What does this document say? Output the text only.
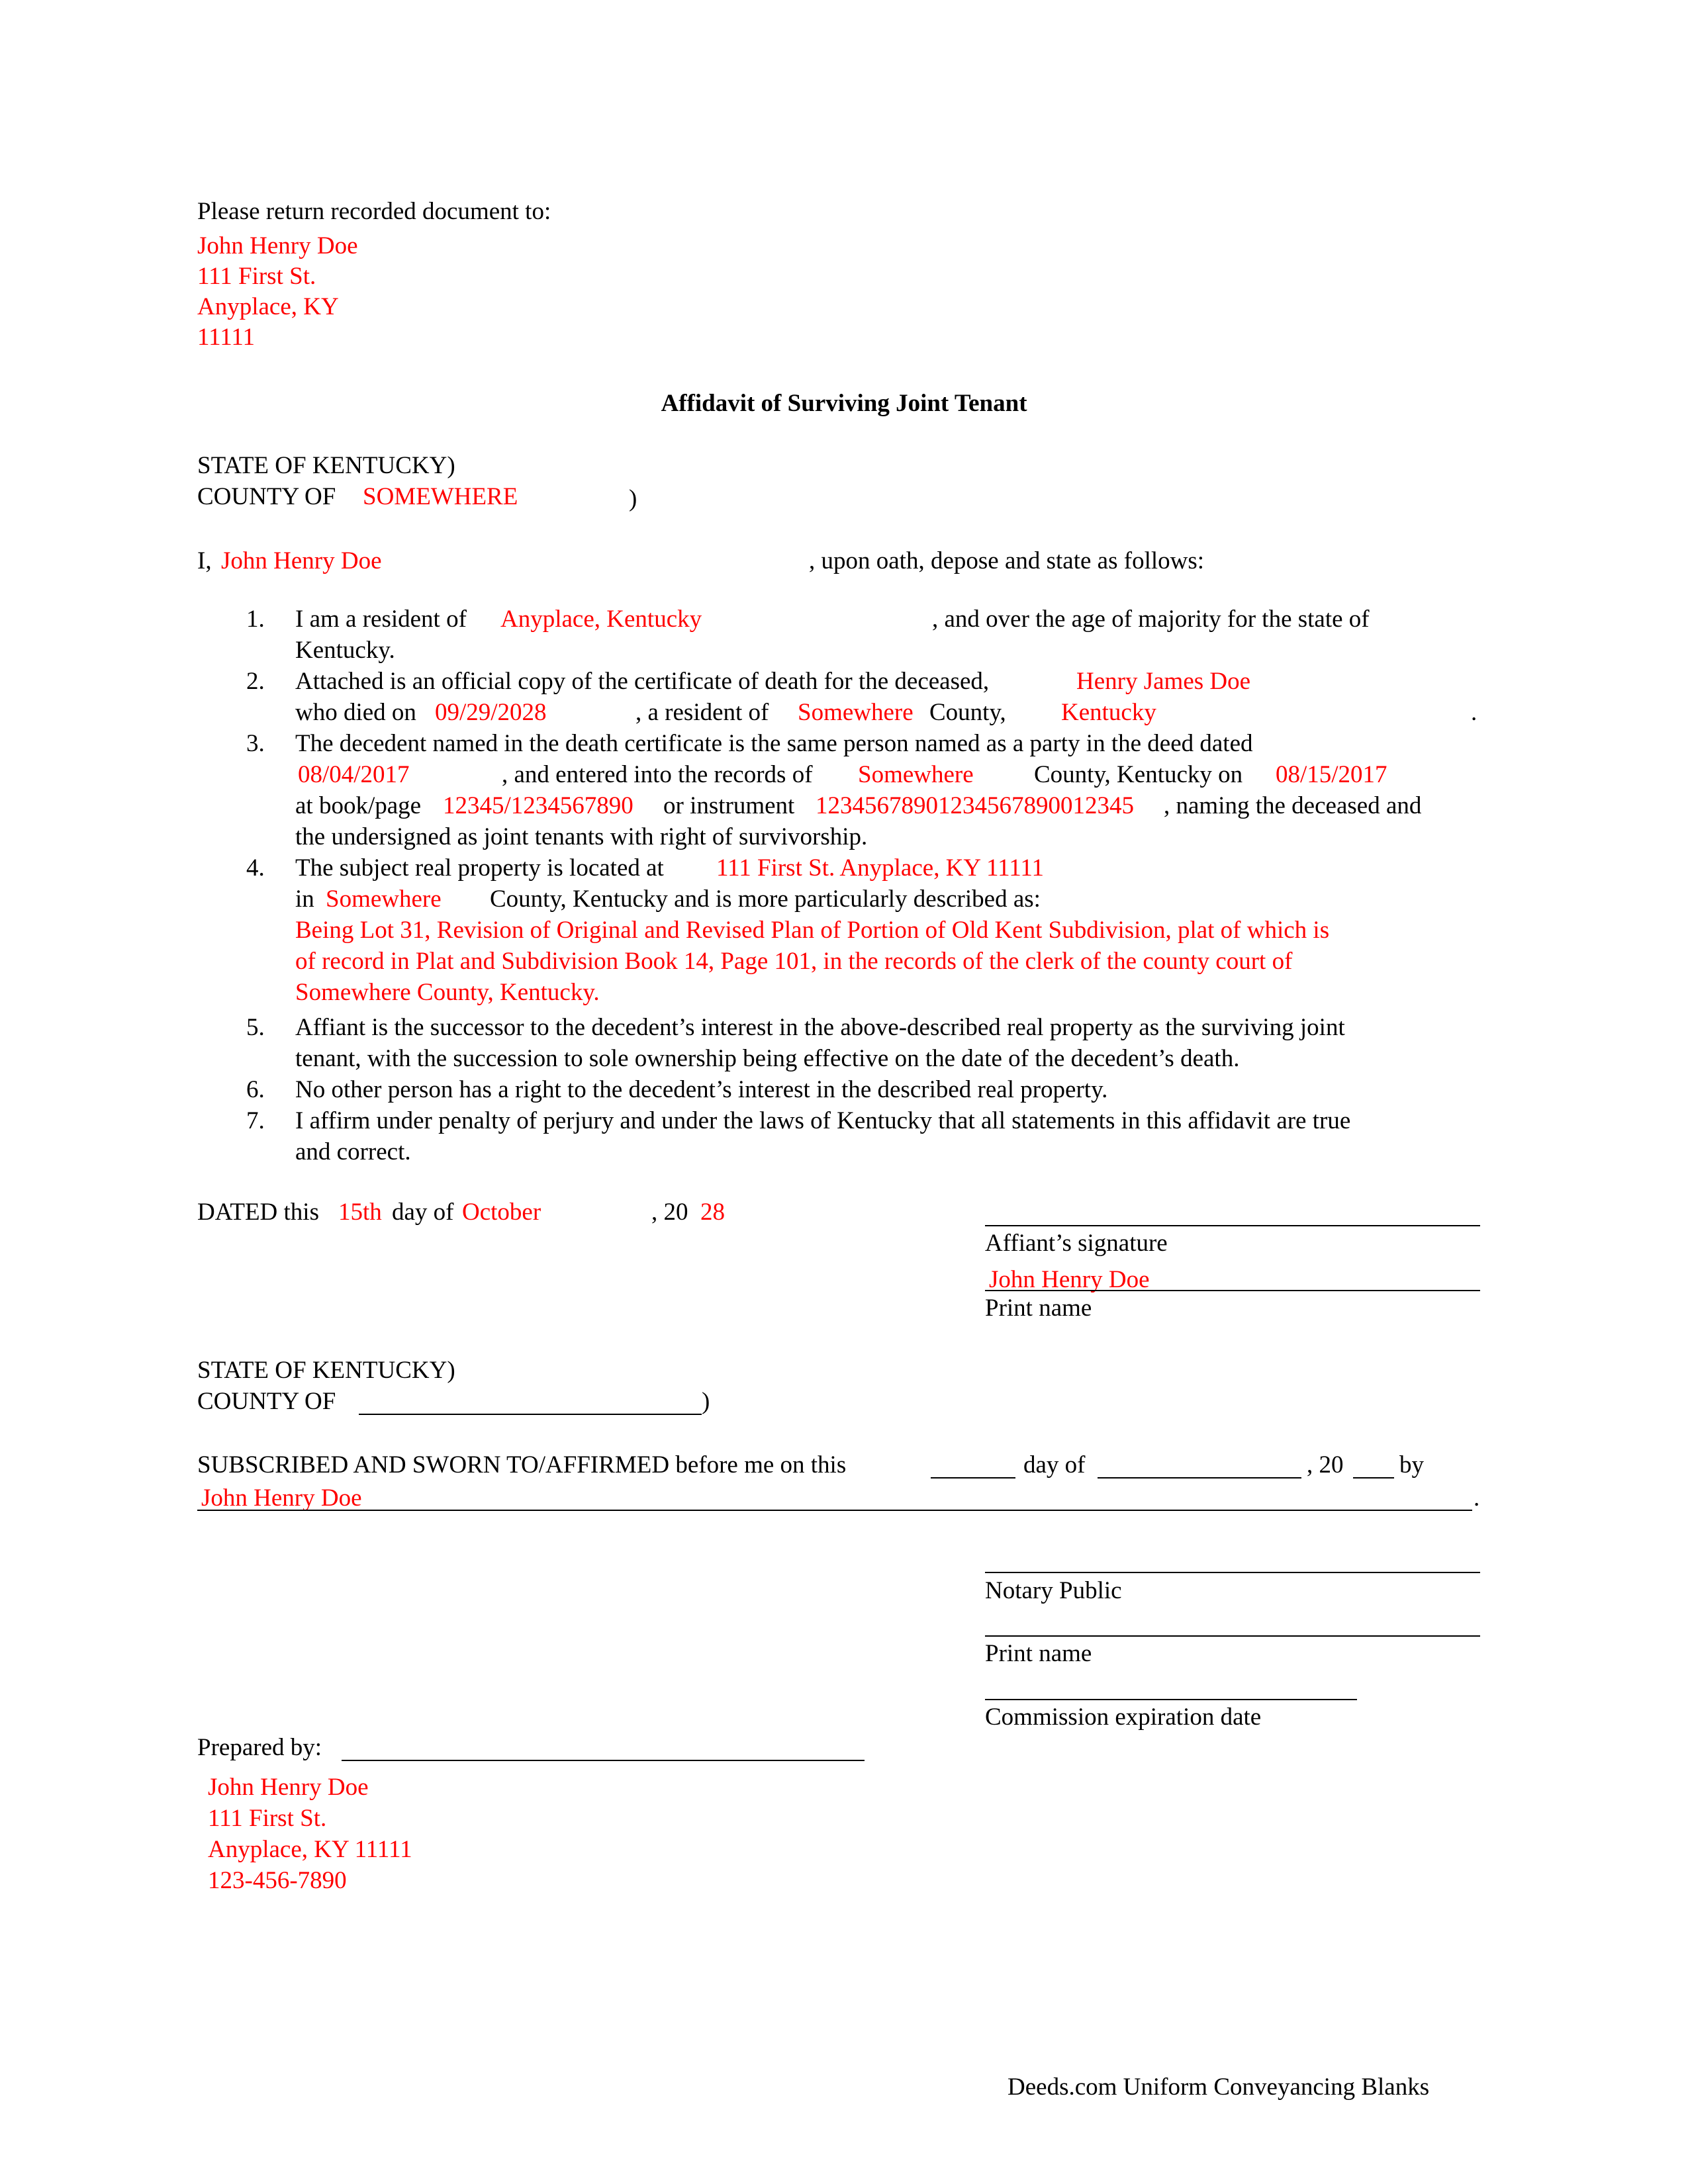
Please return recorded document to:
John Henry Doe
111 First St.
Anyplace, KY
11111
Affidavit of Surviving Joint Tenant
STATE OF KENTUCKY)
COUNTY OF SOMEWHERE	)
I, John Henry Doe	, upon oath, depose and state as follows:
1. I am a resident of Anyplace, Kentucky	, and over the age of majority for the state of
Kentucky.
2. Attached is an official copy of the certificate of death for the deceased,	Henry James Doe
who died on 09/29/2028	, a resident of Somewhere County, Kentucky	.
3. The decedent named in the death certificate is the same person named as a party in the deed dated
08/04/2017	, and entered into the records of Somewhere County, Kentucky on 08/15/2017
at book/page 12345/1234567890 or instrument 12345678901234567890012345 , naming the deceased and
the undersigned as joint tenants with right of survivorship.
4. The subject real property is located at 111 First St. Anyplace, KY 11111
in Somewhere County, Kentucky and is more particularly described as:
Being Lot 31, Revision of Original and Revised Plan of Portion of Old Kent Subdivision, plat of which is
of record in Plat and Subdivision Book 14, Page 101, in the records of the clerk of the county court of
Somewhere County, Kentucky.
5. Affiant is the successor to the decedent’s interest in the above-described real property as the surviving joint
tenant, with the succession to sole ownership being effective on the date of the decedent’s death.
6. No other person has a right to the decedent’s interest in the described real property.
7. I affirm under penalty of perjury and under the laws of Kentucky that all statements in this affidavit are true
and correct.
DATED this 15th day of October	, 20 28
Affiant’s signature
John Henry Doe
Print name
STATE OF KENTUCKY)
COUNTY OF	)
SUBSCRIBED AND SWORN TO/AFFIRMED before me on this	day of	, 20 by
John Henry Doe	.
Notary Public
Print name
Commission expiration date
Prepared by:
John Henry Doe
111 First St.
Anyplace, KY 11111
123-456-7890
Deeds.com Uniform Conveyancing Blanks
